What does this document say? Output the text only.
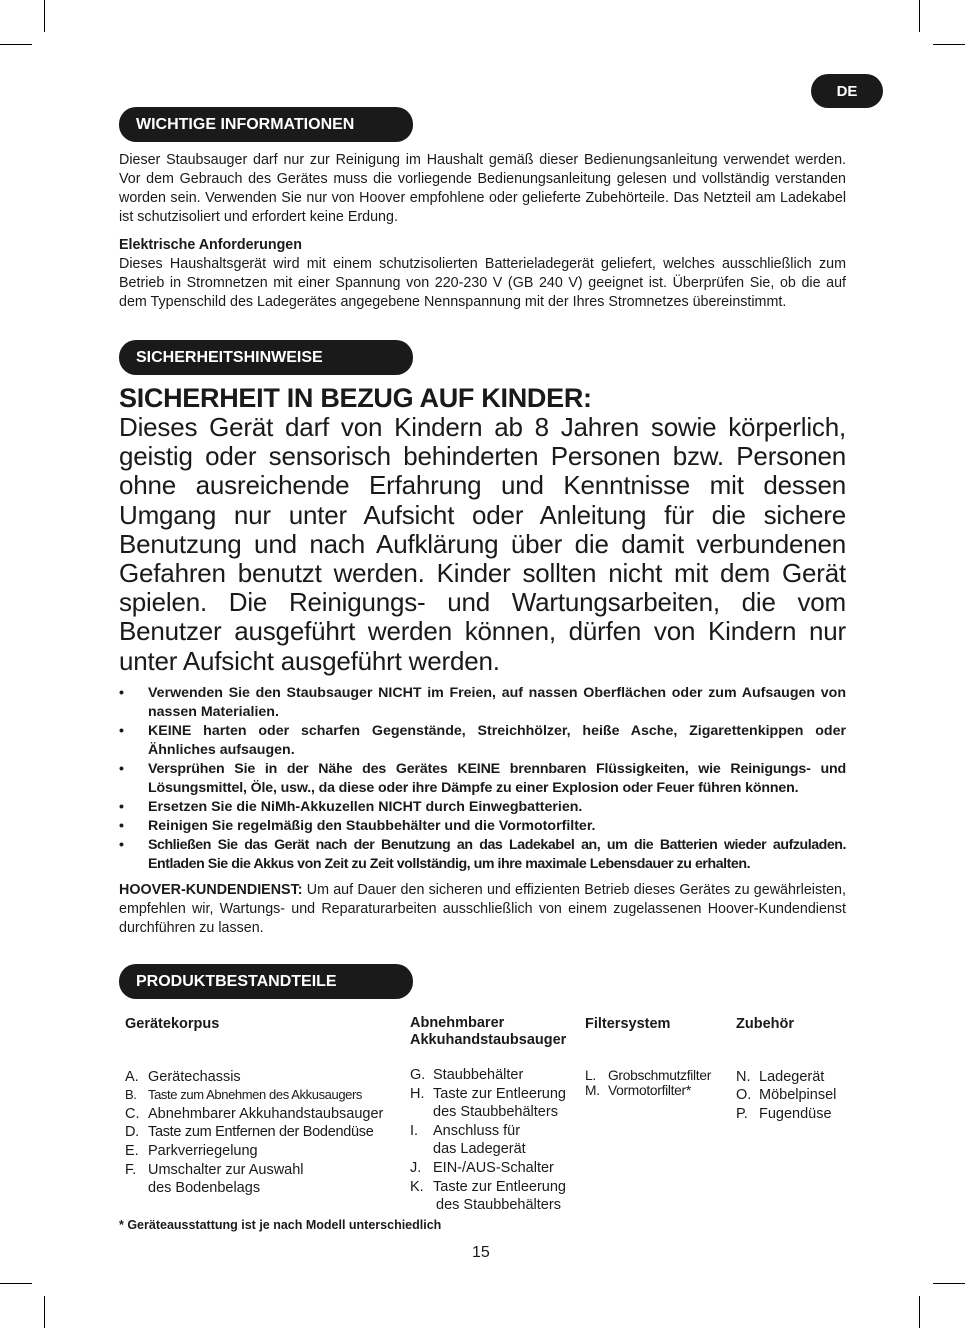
DE
WICHTIGE INFORMATIONEN

Dieser Staubsauger darf nur zur Reinigung im Haushalt gemäß dieser Bedienungsanleitung verwendet werden. Vor dem Gebrauch des Gerätes muss die vorliegende Bedienungsanleitung gelesen und vollständig verstanden worden sein. Verwenden Sie nur von Hoover empfohlene oder gelieferte Zubehörteile. Das Netzteil am Ladekabel ist schutzisoliert und erfordert keine Erdung.

Elektrische Anforderungen
Dieses Haushaltsgerät wird mit einem schutzisolierten Batterieladegerät geliefert, welches ausschließlich zum Betrieb in Stromnetzen mit einer Spannung von 220-230 V (GB 240 V) geeignet ist. Überprüfen Sie, ob die auf dem Typenschild des Ladegerätes angegebene Nennspannung mit der Ihres Stromnetzes übereinstimmt.
SICHERHEITSHINWEISE
SICHERHEIT IN BEZUG AUF KINDER:

Dieses Gerät darf von Kindern ab 8 Jahren sowie körperlich, geistig oder sensorisch behinderten Personen bzw. Personen ohne ausreichende Erfahrung und Kenntnisse mit dessen Umgang nur unter Aufsicht oder Anleitung für die sichere Benutzung und nach Aufklärung über die damit verbundenen Gefahren benutzt werden. Kinder sollten nicht mit dem Gerät spielen. Die Reinigungs- und Wartungsarbeiten, die vom Benutzer ausgeführt werden können, dürfen von Kindern nur unter Aufsicht ausgeführt werden.

• Verwenden Sie den Staubsauger NICHT im Freien, auf nassen Oberflächen oder zum Aufsaugen von nassen Materialien.
• KEINE harten oder scharfen Gegenstände, Streichhölzer, heiße Asche, Zigarettenkippen oder Ähnliches aufsaugen.
• Versprühen Sie in der Nähe des Gerätes KEINE brennbaren Flüssigkeiten, wie Reinigungs- und Lösungsmittel, Öle, usw., da diese oder ihre Dämpfe zu einer Explosion oder Feuer führen können.
• Ersetzen Sie die NiMh-Akkuzellen NICHT durch Einwegbatterien.
• Reinigen Sie regelmäßig den Staubbehälter und die Vormotorfilter.
• Schließen Sie das Gerät nach der Benutzung an das Ladekabel an, um die Batterien wieder aufzuladen. Entladen Sie die Akkus von Zeit zu Zeit vollständig, um ihre maximale Lebensdauer zu erhalten.

HOOVER-KUNDENDIENST: Um auf Dauer den sicheren und effizienten Betrieb dieses Gerätes zu gewährleisten, empfehlen wir, Wartungs- und Reparaturarbeiten ausschließlich von einem zugelassenen Hoover-Kundendienst durchführen zu lassen.

PRODUKTBESTANDTEILE
Gerätekorpus
A. Gerätechassis
B. Taste zum Abnehmen des Akkusaugers
C. Abnehmbarer Akkuhandstaubsauger
D. Taste zum Entfernen der Bodendüse
E. Parkverriegelung
F. Umschalter zur Auswahl
des Bodenbelags
Abnehmbarer
Akkuhandstaubsauger
G. Staubbehälter
H. Taste zur Entleerung
des Staubbehälters
I.	Anschluss für
das Ladegerät
J. EIN-/AUS-Schalter
K. Taste zur Entleerung
des Staubbehälters
Filtersystem
L. Grobschmutzfilter
M. Vormotorfilter*
Zubehör
N. Ladegerät
O. Möbelpinsel
P. Fugendüse
* Geräteausstattung ist je nach Modell unterschiedlich
15
